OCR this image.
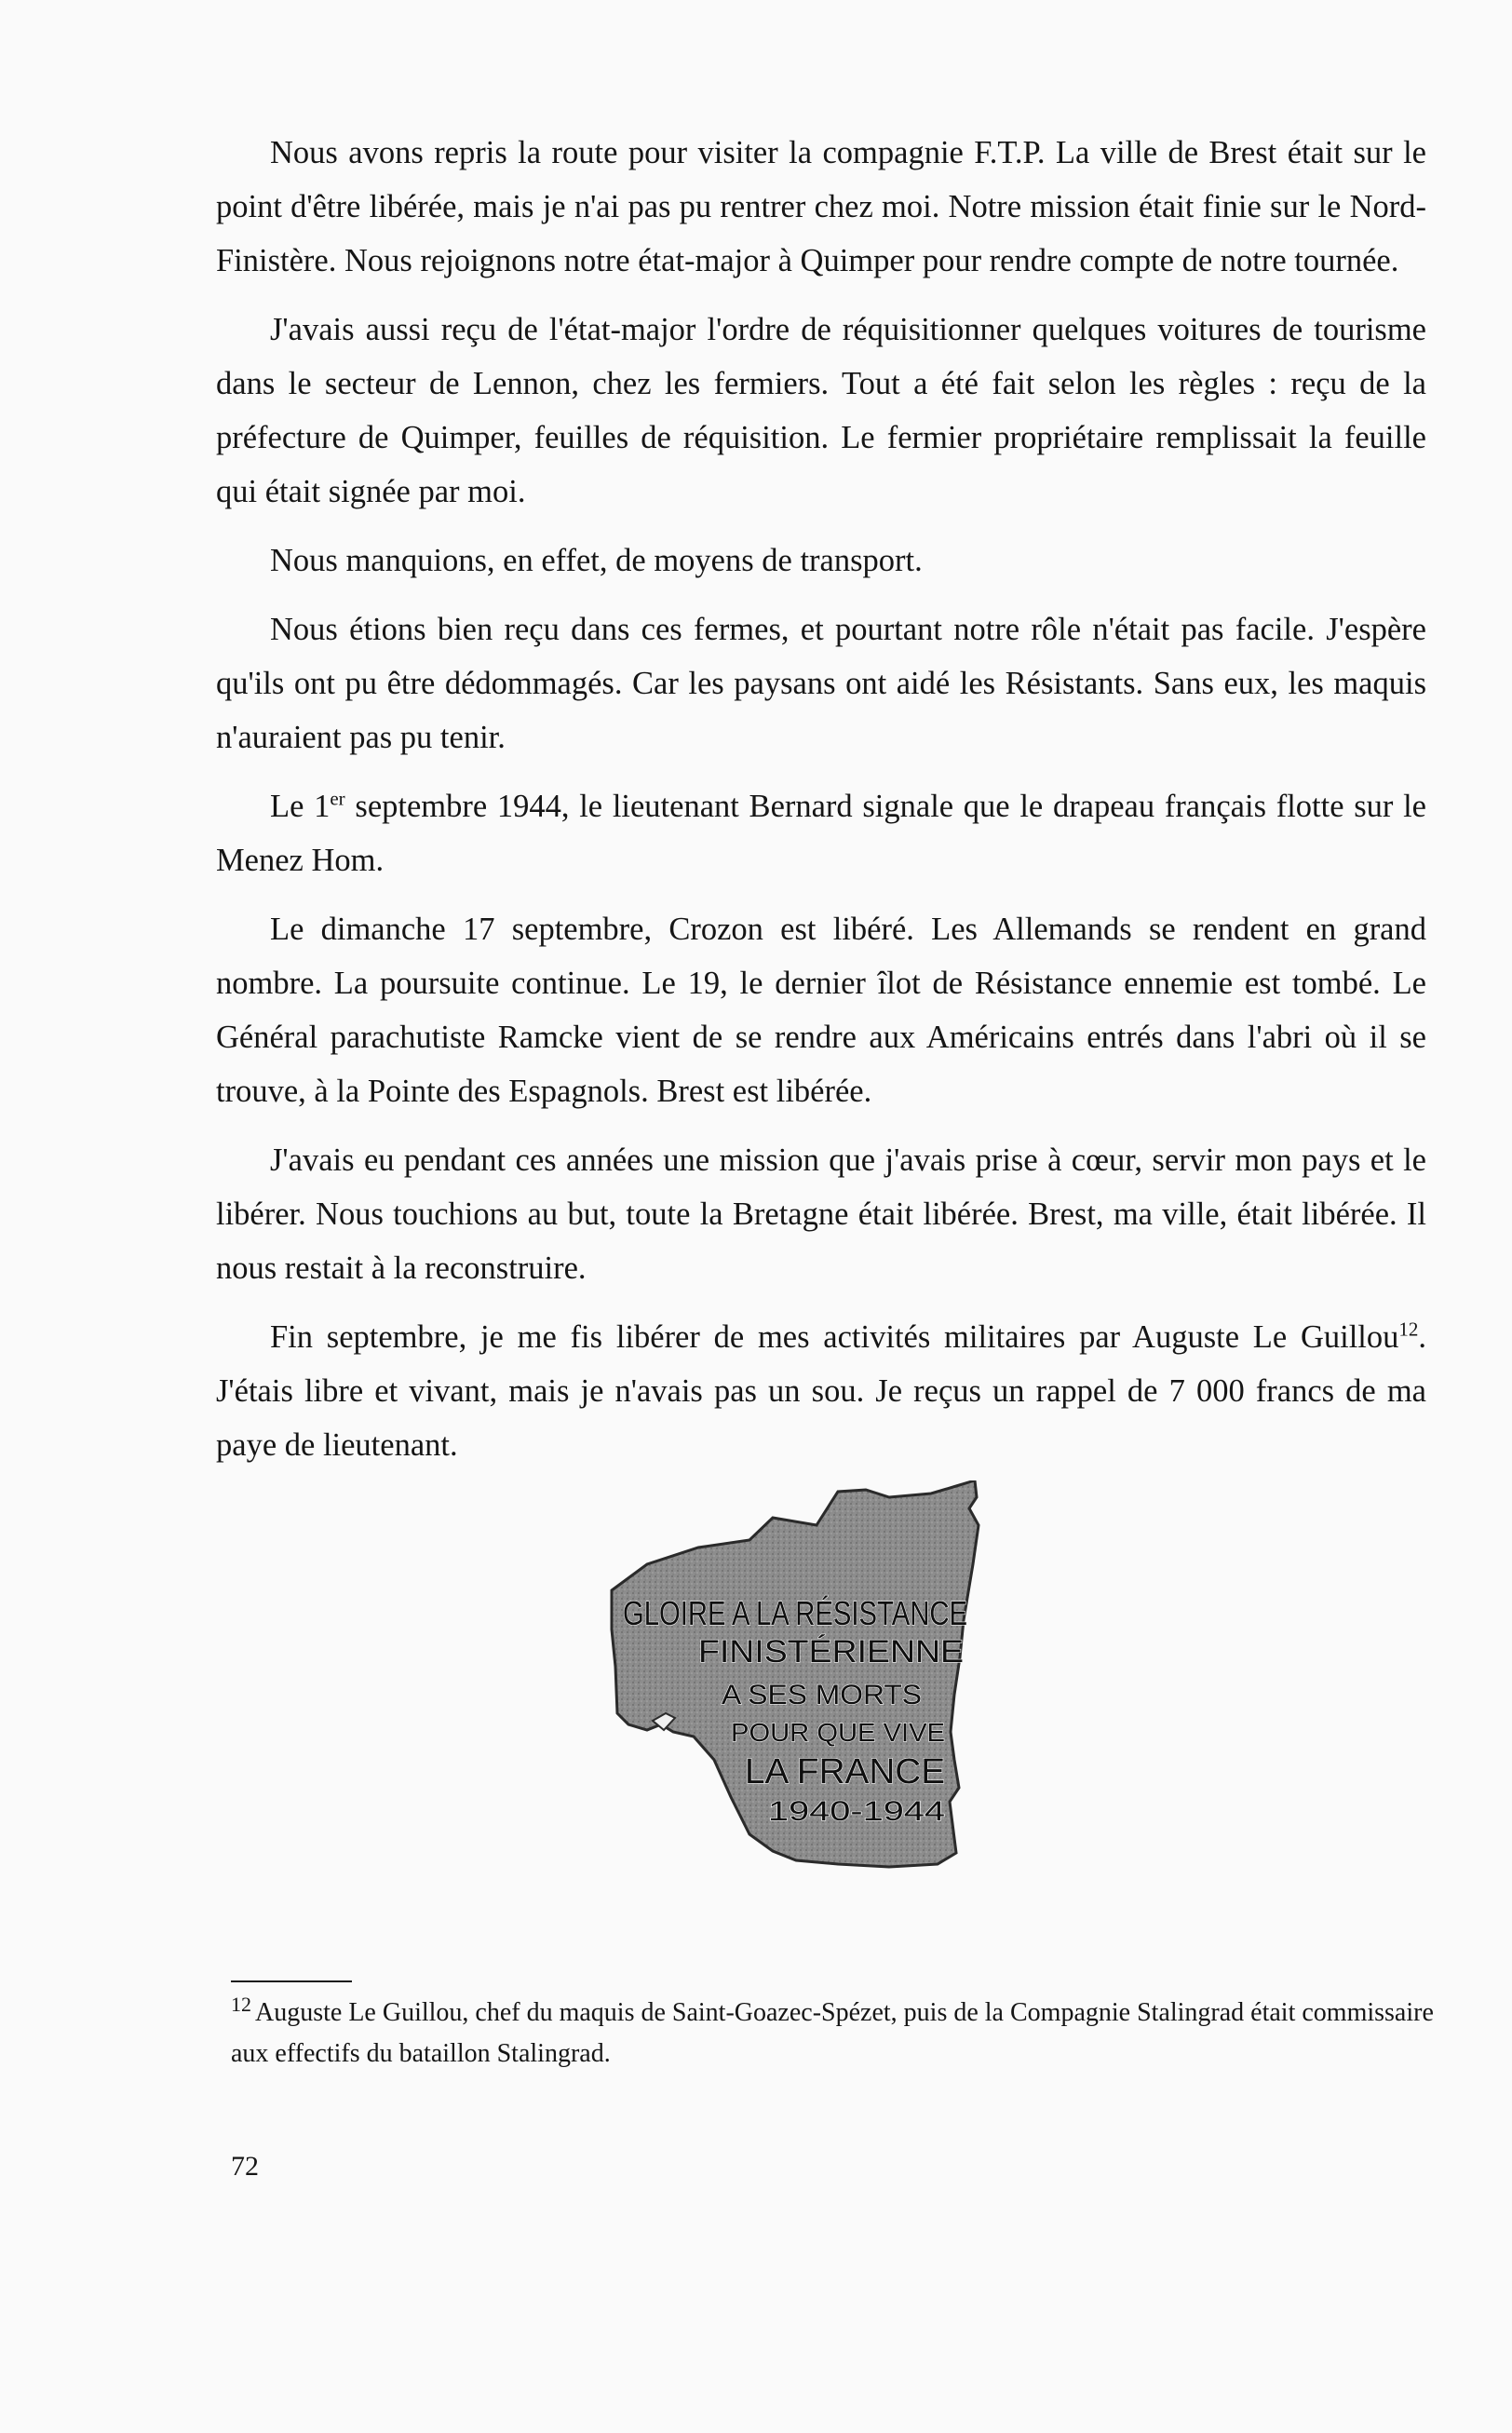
Nous avons repris la route pour visiter la compagnie F.T.P. La ville de Brest était sur le point d'être libérée, mais je n'ai pas pu rentrer chez moi. Notre mission était finie sur le Nord-Finistère. Nous rejoignons notre état-major à Quimper pour rendre compte de notre tournée.

J'avais aussi reçu de l'état-major l'ordre de réquisitionner quelques voitures de tourisme dans le secteur de Lennon, chez les fermiers. Tout a été fait selon les règles : reçu de la préfecture de Quimper, feuilles de réquisition. Le fermier propriétaire remplissait la feuille qui était signée par moi.

Nous manquions, en effet, de moyens de transport.

Nous étions bien reçu dans ces fermes, et pourtant notre rôle n'était pas facile. J'espère qu'ils ont pu être dédommagés. Car les paysans ont aidé les Résistants. Sans eux, les maquis n'auraient pas pu tenir.

Le 1er septembre 1944, le lieutenant Bernard signale que le drapeau français flotte sur le Menez Hom.

Le dimanche 17 septembre, Crozon est libéré. Les Allemands se rendent en grand nombre. La poursuite continue. Le 19, le dernier îlot de Résistance ennemie est tombé. Le Général parachutiste Ramcke vient de se rendre aux Américains entrés dans l'abri où il se trouve, à la Pointe des Espagnols. Brest est libérée.

J'avais eu pendant ces années une mission que j'avais prise à cœur, servir mon pays et le libérer. Nous touchions au but, toute la Bretagne était libérée. Brest, ma ville, était libérée. Il nous restait à la reconstruire.

Fin septembre, je me fis libérer de mes activités militaires par Auguste Le Guillou$^{12}$. J'étais libre et vivant, mais je n'avais pas un sou. Je reçus un rappel de 7 000 francs de ma paye de lieutenant.

GLOIRE A LA RÉSISTANCE
FINISTÉRIENNE
A SES MORTS
POUR QUE VIVE
LA FRANCE
1940-1944

$^{12}$ Auguste Le Guillou, chef du maquis de Saint-Goazec-Spézet, puis de la Compagnie Stalingrad était commissaire aux effectifs du bataillon Stalingrad.

72
